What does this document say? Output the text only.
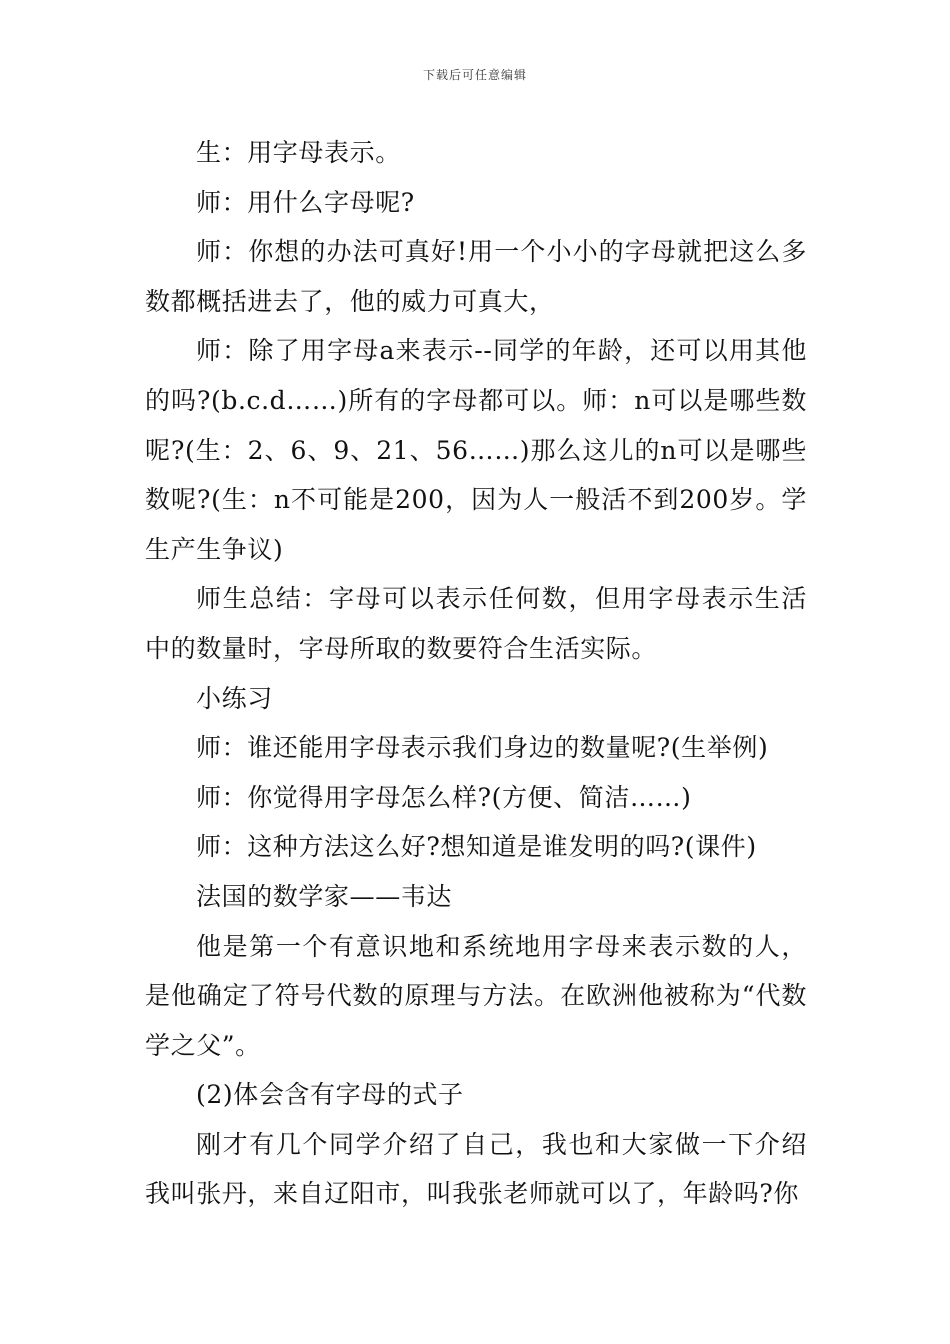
下载后可任意编辑

生：用字母表示。

师：用什么字母呢?

师：你想的办法可真好!用一个小小的字母就把这么多数都概括进去了，他的威力可真大，

师：除了用字母a来表示--同学的年龄，还可以用其他的吗?(b.c.d……)所有的字母都可以。师：n可以是哪些数呢?(生：2、6、9、21、56……)那么这儿的n可以是哪些数呢?(生：n不可能是200，因为人一般活不到200岁。学生产生争议)

师生总结：字母可以表示任何数，但用字母表示生活中的数量时，字母所取的数要符合生活实际。

小练习

师：谁还能用字母表示我们身边的数量呢?(生举例)

师：你觉得用字母怎么样?(方便、简洁……)

师：这种方法这么好?想知道是谁发明的吗?(课件)

法国的数学家——韦达

他是第一个有意识地和系统地用字母来表示数的人，是他确定了符号代数的原理与方法。在欧洲他被称为“代数学之父”。

(2)体会含有字母的式子

刚才有几个同学介绍了自己，我也和大家做一下介绍我叫张丹，来自辽阳市，叫我张老师就可以了，年龄吗?你
